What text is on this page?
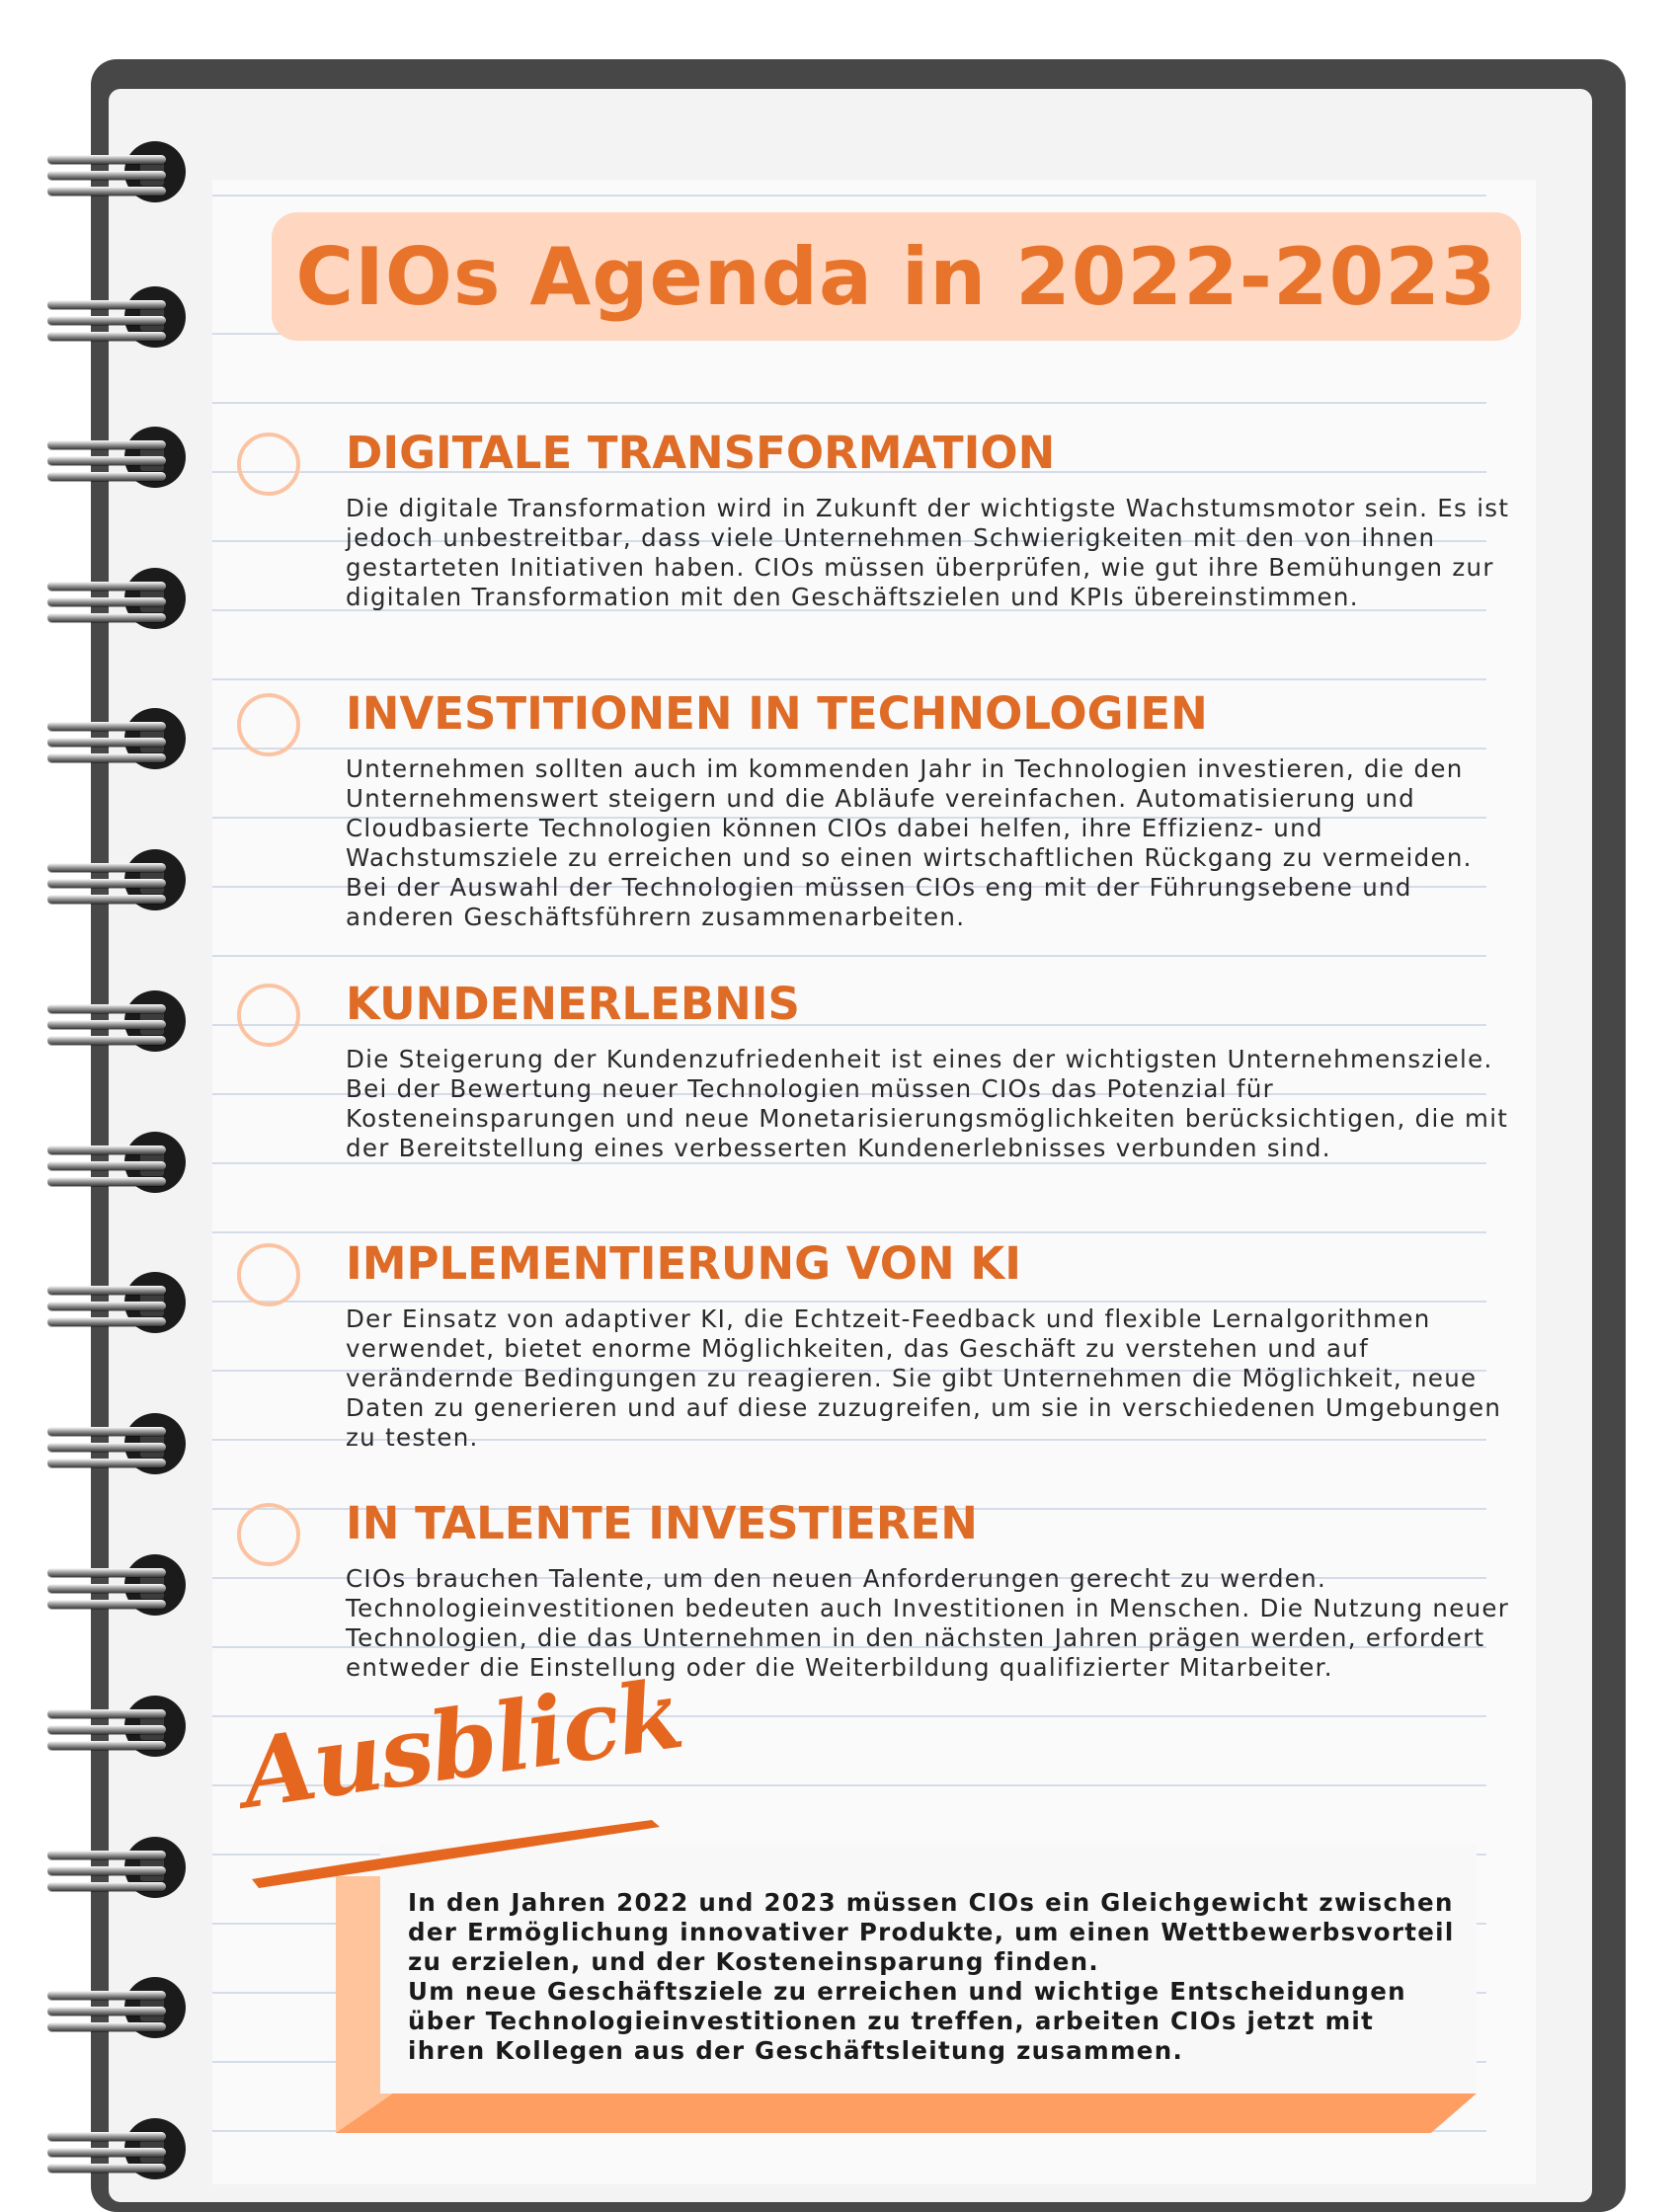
CIOs Agenda in 2022-2023
DIGITALE TRANSFORMATION

Die digitale Transformation wird in Zukunft der wichtigste Wachstumsmotor sein. Es ist jedoch unbestreitbar, dass viele Unternehmen Schwierigkeiten mit den von ihnen gestarteten Initiativen haben. CIOs müssen überprüfen, wie gut ihre Bemühungen zur digitalen Transformation mit den Geschäftszielen und KPIs übereinstimmen.

INVESTITIONEN IN TECHNOLOGIEN

Unternehmen sollten auch im kommenden Jahr in Technologien investieren, die den Unternehmenswert steigern und die Abläufe vereinfachen. Automatisierung und Cloudbasierte Technologien können CIOs dabei helfen, ihre Effizienz- und Wachstumsziele zu erreichen und so einen wirtschaftlichen Rückgang zu vermeiden. Bei der Auswahl der Technologien müssen CIOs eng mit der Führungsebene und anderen Geschäftsführern zusammenarbeiten.

KUNDENERLEBNIS

Die Steigerung der Kundenzufriedenheit ist eines der wichtigsten Unternehmensziele. Bei der Bewertung neuer Technologien müssen CIOs das Potenzial für Kosteneinsparungen und neue Monetarisierungsmöglichkeiten berücksichtigen, die mit der Bereitstellung eines verbesserten Kundenerlebnisses verbunden sind.

IMPLEMENTIERUNG VON KI

Der Einsatz von adaptiver KI, die Echtzeit-Feedback und flexible Lernalgorithmen verwendet, bietet enorme Möglichkeiten, das Geschäft zu verstehen und auf verändernde Bedingungen zu reagieren. Sie gibt Unternehmen die Möglichkeit, neue Daten zu generieren und auf diese zuzugreifen, um sie in verschiedenen Umgebungen zu testen.

IN TALENTE INVESTIEREN

CIOs brauchen Talente, um den neuen Anforderungen gerecht zu werden. Technologieinvestitionen bedeuten auch Investitionen in Menschen. Die Nutzung neuer Technologien, die das Unternehmen in den nächsten Jahren prägen werden, erfordert entweder die Einstellung oder die Weiterbildung qualifizierter Mitarbeiter.

In den Jahren 2022 und 2023 müssen CIOs ein Gleichgewicht zwischen der Ermöglichung innovativer Produkte, um einen Wettbewerbsvorteil zu erzielen, und der Kosteneinsparung finden.
Um neue Geschäftsziele zu erreichen und wichtige Entscheidungen über Technologieinvestitionen zu treffen, arbeiten CIOs jetzt mit ihren Kollegen aus der Geschäftsleitung zusammen.
Ausblick
